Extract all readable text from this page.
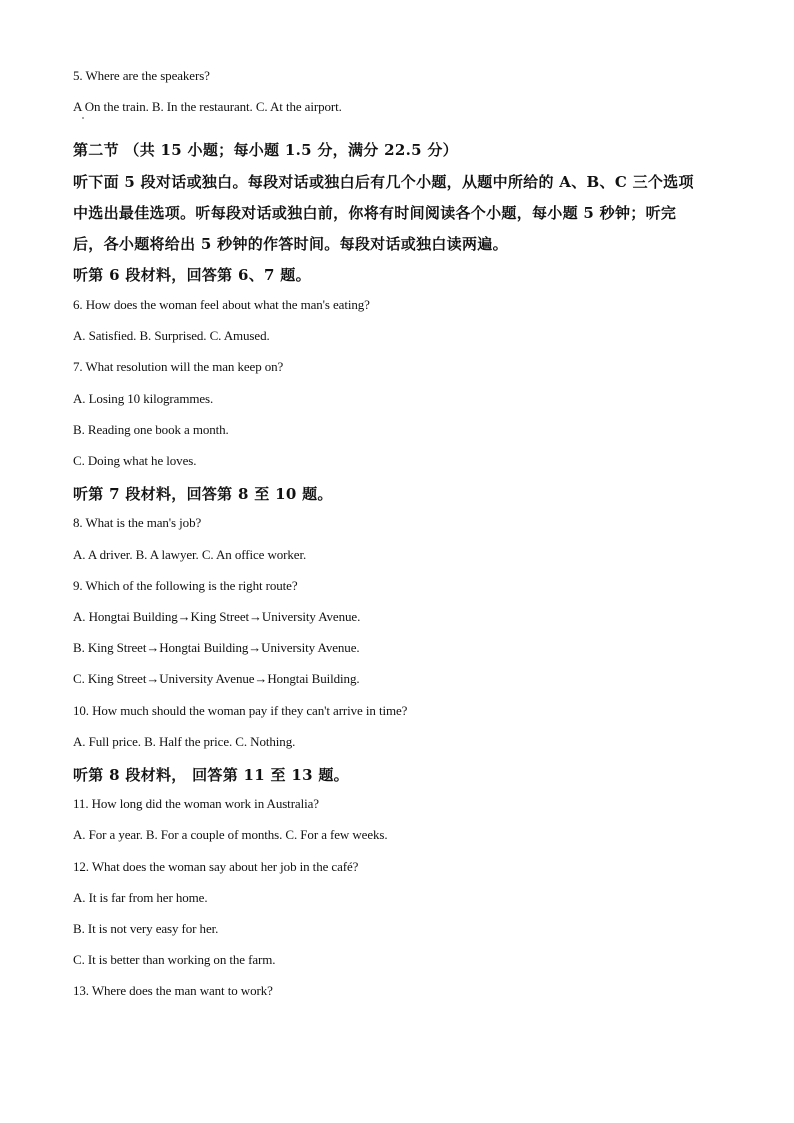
5. Where are the speakers?
A On the train. B. In the restaurant. C. At the airport.
第二节 （共 15 小题；每小题 1.5 分，满分 22.5 分）
听下面 5 段对话或独白。每段对话或独白后有几个小题，从题中所给的 A、B、C 三个选项
中选出最佳选项。听每段对话或独白前，你将有时间阅读各个小题，每小题 5 秒钟；听完
后，各小题将给出 5 秒钟的作答时间。每段对话或独白读两遍。
听第 6 段材料，回答第 6、7 题。
6. How does the woman feel about what the man's eating?
A. Satisfied. B. Surprised. C. Amused.
7. What resolution will the man keep on?
A. Losing 10 kilogrammes.
B. Reading one book a month.
C. Doing what he loves.
听第 7 段材料，回答第 8 至 10 题。
8. What is the man's job?
A. A driver. B. A lawyer. C. An office worker.
9. Which of the following is the right route?
A. Hongtai Building→King Street→University Avenue.
B. King Street→Hongtai Building→University Avenue.
C. King Street→University Avenue→Hongtai Building.
10. How much should the woman pay if they can't arrive in time?
A. Full price. B. Half the price. C. Nothing.
听第 8 段材料， 回答第 11 至 13 题。
11. How long did the woman work in Australia?
A. For a year. B. For a couple of months. C. For a few weeks.
12. What does the woman say about her job in the café?
A. It is far from her home.
B. It is not very easy for her.
C. It is better than working on the farm.
13. Where does the man want to work?
